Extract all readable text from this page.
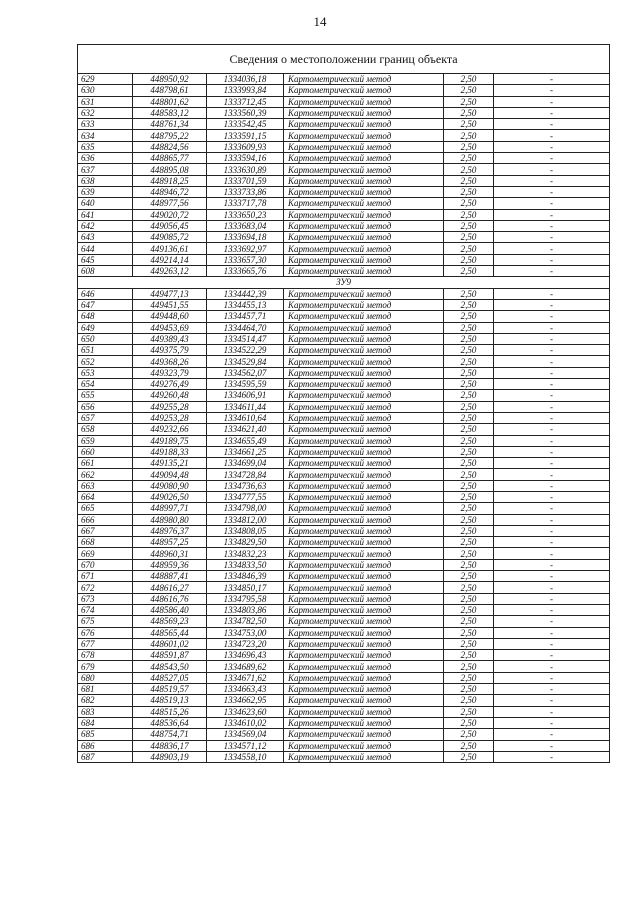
14
Сведения о местоположении границ объекта					
629	448950,92	1334036,18	Картометрический метод	2,50	-
630	448798,61	1333993,84	Картометрический метод	2,50	-
631	448801,62	1333712,45	Картометрический метод	2,50	-
632	448583,12	1333560,39	Картометрический метод	2,50	-
633	448761,34	1333542,45	Картометрический метод	2,50	-
634	448795,22	1333591,15	Картометрический метод	2,50	-
635	448824,56	1333609,93	Картометрический метод	2,50	-
636	448865,77	1333594,16	Картометрический метод	2,50	-
637	448895,08	1333630,89	Картометрический метод	2,50	-
638	448918,25	1333701,59	Картометрический метод	2,50	-
639	448946,72	1333733,86	Картометрический метод	2,50	-
640	448977,56	1333717,78	Картометрический метод	2,50	-
641	449020,72	1333650,23	Картометрический метод	2,50	-
642	449056,45	1333683,04	Картометрический метод	2,50	-
643	449085,72	1333694,18	Картометрический метод	2,50	-
644	449136,61	1333692,97	Картометрический метод	2,50	-
645	449214,14	1333657,30	Картометрический метод	2,50	-
608	449263,12	1333665,76	Картометрический метод	2,50	-
ЗУ9					
646	449477,13	1334442,39	Картометрический метод	2,50	-
647	449451,55	1334455,13	Картометрический метод	2,50	-
648	449448,60	1334457,71	Картометрический метод	2,50	-
649	449453,69	1334464,70	Картометрический метод	2,50	-
650	449389,43	1334514,47	Картометрический метод	2,50	-
651	449375,79	1334522,29	Картометрический метод	2,50	-
652	449368,26	1334529,84	Картометрический метод	2,50	-
653	449323,79	1334562,07	Картометрический метод	2,50	-
654	449276,49	1334595,59	Картометрический метод	2,50	-
655	449260,48	1334606,91	Картометрический метод	2,50	-
656	449255,28	1334611,44	Картометрический метод	2,50	-
657	449253,28	1334610,64	Картометрический метод	2,50	-
658	449232,66	1334621,40	Картометрический метод	2,50	-
659	449189,75	1334655,49	Картометрический метод	2,50	-
660	449188,33	1334661,25	Картометрический метод	2,50	-
661	449135,21	1334699,04	Картометрический метод	2,50	-
662	449094,48	1334728,84	Картометрический метод	2,50	-
663	449080,90	1334736,63	Картометрический метод	2,50	-
664	449026,50	1334777,55	Картометрический метод	2,50	-
665	448997,71	1334798,00	Картометрический метод	2,50	-
666	448980,80	1334812,00	Картометрический метод	2,50	-
667	448976,37	1334808,05	Картометрический метод	2,50	-
668	448957,25	1334829,50	Картометрический метод	2,50	-
669	448960,31	1334832,23	Картометрический метод	2,50	-
670	448959,36	1334833,50	Картометрический метод	2,50	-
671	448887,41	1334846,39	Картометрический метод	2,50	-
672	448616,27	1334850,17	Картометрический метод	2,50	-
673	448616,76	1334795,58	Картометрический метод	2,50	-
674	448586,40	1334803,86	Картометрический метод	2,50	-
675	448569,23	1334782,50	Картометрический метод	2,50	-
676	448565,44	1334753,00	Картометрический метод	2,50	-
677	448601,02	1334723,20	Картометрический метод	2,50	-
678	448591,87	1334696,43	Картометрический метод	2,50	-
679	448543,50	1334689,62	Картометрический метод	2,50	-
680	448527,05	1334671,62	Картометрический метод	2,50	-
681	448519,57	1334663,43	Картометрический метод	2,50	-
682	448519,13	1334662,95	Картометрический метод	2,50	-
683	448515,26	1334623,60	Картометрический метод	2,50	-
684	448536,64	1334610,02	Картометрический метод	2,50	-
685	448754,71	1334569,04	Картометрический метод	2,50	-
686	448836,17	1334571,12	Картометрический метод	2,50	-
687	448903,19	1334558,10	Картометрический метод	2,50	-
